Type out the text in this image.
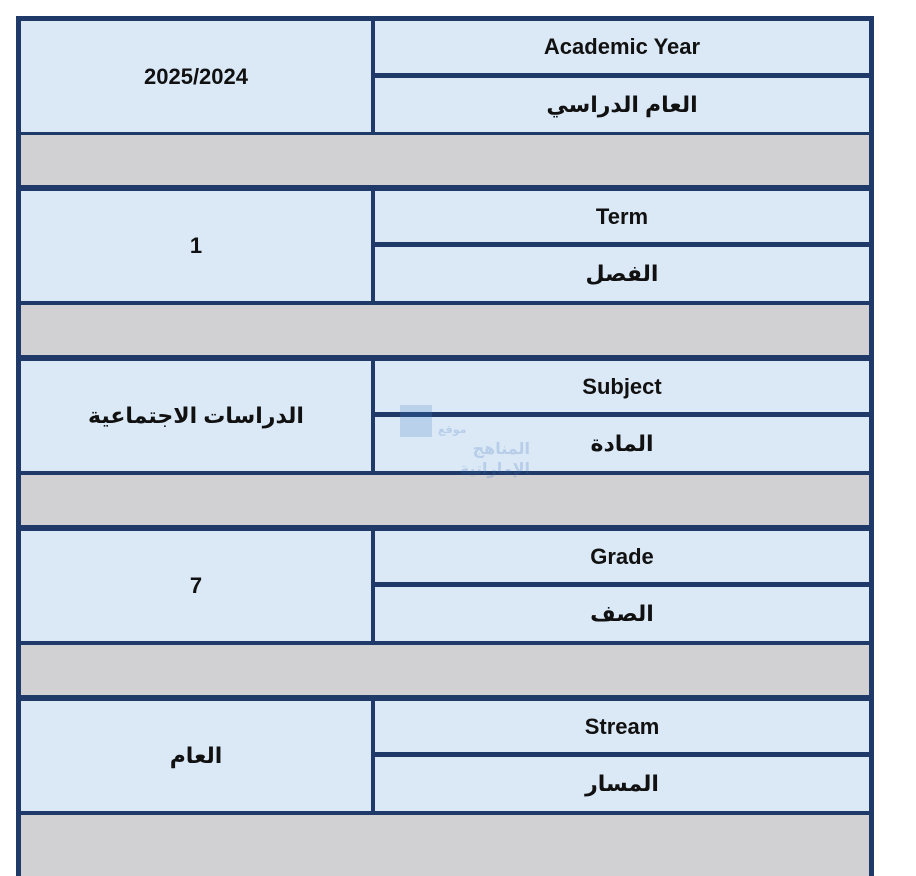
2025/2024
Academic Year
العام الدراسي
1
Term
الفصل
الدراسات الاجتماعية
Subject
المادة
7
Grade
الصف
العام
Stream
المسار
موقع
المناهج الإماراتية
